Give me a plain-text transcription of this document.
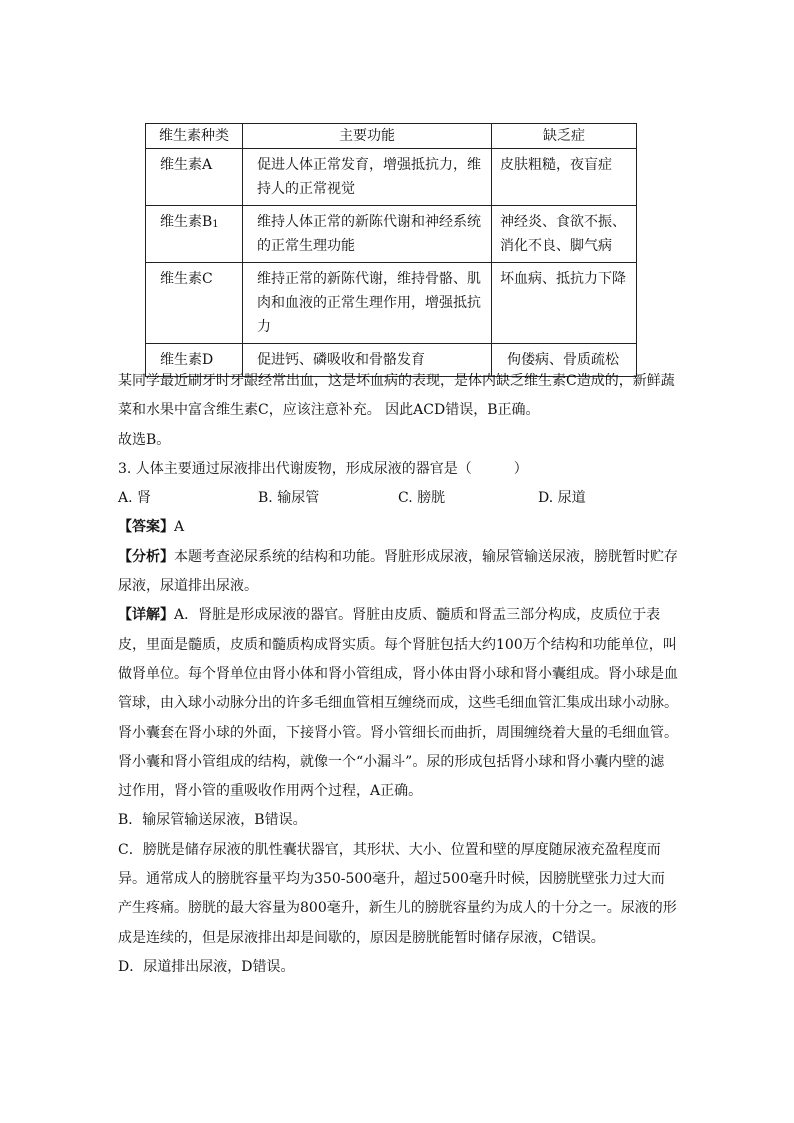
维生素种类	主要功能	缺乏症
维生素A	促进人体正常发育，增强抵抗力，维持人的正常视觉	皮肤粗糙，夜盲症
维生素$B_1$	维持人体正常的新陈代谢和神经系统的正常生理功能	神经炎、食欲不振、消化不良、脚气病
维生素C	维持正常的新陈代谢，维持骨骼、肌肉和血液的正常生理作用，增强抵抗力	坏血病、抵抗力下降
维生素D	促进钙、磷吸收和骨骼发育	佝偻病、骨质疏松

某同学最近刷牙时牙龈经常出血，这是坏血病的表现，是体内缺乏维生素C造成的，新鲜蔬菜和水果中富含维生素C，应该注意补充。 因此ACD错误，B正确。

故选B。

3. 人体主要通过尿液排出代谢废物，形成尿液的器官是（　　　）

A. 肾	B. 输尿管	C. 膀胱	D. 尿道

【答案】A

【分析】本题考查泌尿系统的结构和功能。肾脏形成尿液，输尿管输送尿液，膀胱暂时贮存尿液，尿道排出尿液。

【详解】A．肾脏是形成尿液的器官。肾脏由皮质、髓质和肾盂三部分构成，皮质位于表皮，里面是髓质，皮质和髓质构成肾实质。每个肾脏包括大约100万个结构和功能单位，叫做肾单位。每个肾单位由肾小体和肾小管组成，肾小体由肾小球和肾小囊组成。肾小球是血管球，由入球小动脉分出的许多毛细血管相互缠绕而成，这些毛细血管汇集成出球小动脉。肾小囊套在肾小球的外面，下接肾小管。肾小管细长而曲折，周围缠绕着大量的毛细血管。肾小囊和肾小管组成的结构，就像一个“小漏斗”。尿的形成包括肾小球和肾小囊内壁的滤过作用，肾小管的重吸收作用两个过程，A正确。

B．输尿管输送尿液，B错误。

C．膀胱是储存尿液的肌性囊状器官，其形状、大小、位置和壁的厚度随尿液充盈程度而异。通常成人的膀胱容量平均为350-500毫升，超过500毫升时候，因膀胱壁张力过大而产生疼痛。膀胱的最大容量为800毫升，新生儿的膀胱容量约为成人的十分之一。尿液的形成是连续的，但是尿液排出却是间歇的，原因是膀胱能暂时储存尿液，C错误。

D．尿道排出尿液，D错误。
